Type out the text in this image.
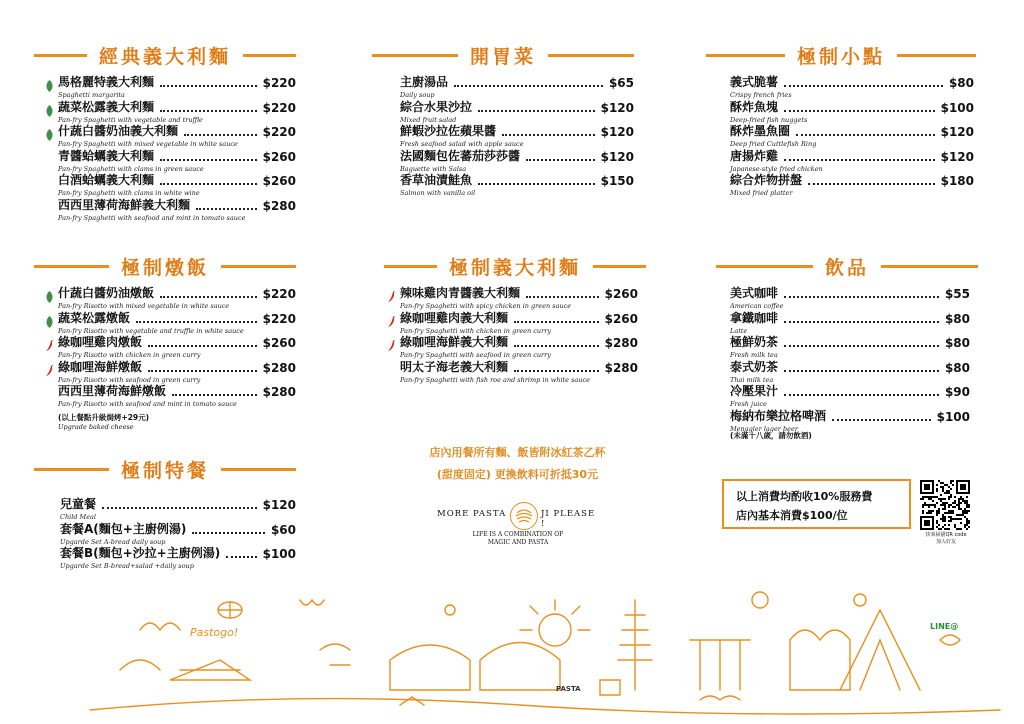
經典義大利麵
馬格麗特義大利麵	$220
Spaghetti margarita
蔬菜松露義大利麵	$220
Pan-fry Spaghetti with vegetable and truffle
什蔬白醬奶油義大利麵	$220
Pan-fry Spaghetti with mixed vegetable in white sauce
青醬蛤蠣義大利麵	$260
Pan-fry Spaghetti with clams in green sauce
白酒蛤蠣義大利麵	$260
Pan-fry Spaghetti with clams in white wine
西西里薄荷海鮮義大利麵	$280
Pan-fry Spaghetti with seafood and mint in tomato sauce
開胃菜
主廚湯品	$65
Daily soup
綜合水果沙拉	$120
Mixed fruit salad
鮮蝦沙拉佐蘋果醬	$120
Fresh seafood salad with apple sauce
法國麵包佐蕃茄莎莎醬	$120
Baguette with Salsa
香草油漬鮭魚	$150
Salmon with vanilla oil
極制小點
義式脆薯	$80
Crispy french fries
酥炸魚塊	$100
Deep-fried fish nuggets
酥炸墨魚圈	$120
Deep fried Cuttlefish Ring
唐揚炸雞	$120
Japanese-style fried chicken
綜合炸物拼盤	$180
Mixed fried platter
極制燉飯
什蔬白醬奶油燉飯	$220
Pan-fry Risotto with mixed vegetable in white sauce
蔬菜松露燉飯	$220
Pan-fry Risotto with vegetable and truffle in white sauce
綠咖哩雞肉燉飯	$260
Pan-fry Risotto with chicken in green curry
綠咖哩海鮮燉飯	$280
Pan-fry Risotto with seafood in green curry
西西里薄荷海鮮燉飯	$280
Pan-fry Risotto with seafood and mint in tomato sauce
(以上餐點升級焗烤+29元)
Upgrade baked cheese
極制義大利麵
辣味雞肉青醬義大利麵	$260
Pan-fry Spaghetti with spicy chicken in green sauce
綠咖哩雞肉義大利麵	$260
Pan-fry Spaghetti with chicken in green curry
綠咖哩海鮮義大利麵	$280
Pan-fry Spaghetti with seafood in green curry
明太子海老義大利麵	$280
Pan-fry Spaghetti with fish roe and shrimp in white sauce
飲品
美式咖啡	$55
American coffee
拿鐵咖啡	$80
Latte
極鮮奶茶	$80
Fresh milk tea
泰式奶茶	$80
Thai milk tea
冷壓果汁	$90
Fresh juice
梅納布樂拉格啤酒	$100
Menagler lager beer
(未滿十八歲，請勿飲酒)
極制特餐
兒童餐	$120
Child Meal
套餐A(麵包+主廚例湯)	$60
Upgarde Set A-bread daily soup
套餐B(麵包+沙拉+主廚例湯)	$100
Upgarde Set B-bread+salad +daily soup
店內用餐所有麵、飯皆附冰紅茶乙杯
(甜度固定) 更換飲料可折抵30元
MORE PASTA	JI PLEASE !
LIFE IS A COMBINATION OF
MAGIC AND PASTA
以上消費均酌收10%服務費
店內基本消費$100/位
快來掃描QR code
加入好友
Pastogo!
PASTA
LINE@
